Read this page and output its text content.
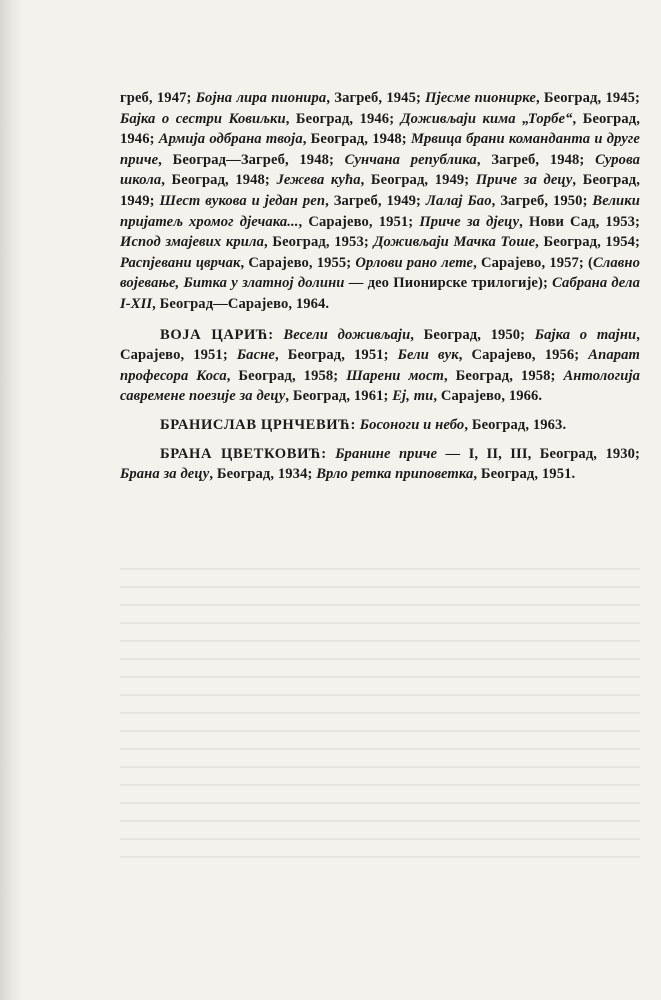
греб, 1947; Бојна лира пионира, Загреб, 1945; Пјесме пионирке, Београд, 1945; Бајка о сестри Ковиљки, Београд, 1946; Доживљаји кима „Торбе“, Београд, 1946; Армија одбрана твоја, Београд, 1948; Мрвица брани команданта и друге приче, Београд—Загреб, 1948; Сунчана република, Загреб, 1948; Сурова школа, Београд, 1948; Јежева кућа, Београд, 1949; Приче за децу, Београд, 1949; Шест вукова и један реп, Загреб, 1949; Лалај Бао, Загреб, 1950; Велики пријатељ хромог дјечака..., Сарајево, 1951; Приче за дјецу, Нови Сад, 1953; Испод змајевих крила, Београд, 1953; Доживљаји Мачка Тоше, Београд, 1954; Распјевани цврчак, Сарајево, 1955; Орлови рано лете, Сарајево, 1957; (Славно војевање, Битка у златној долини — део Пионирске трилогије); Сабрана дела I-XII, Београд—Сарајево, 1964.

ВОЈА ЦАРИЋ: Весели доживљаји, Београд, 1950; Бајка о тајни, Сарајево, 1951; Басне, Београд, 1951; Бели вук, Сарајево, 1956; Апарат професора Коса, Београд, 1958; Шарени мост, Београд, 1958; Антологија савремене поезије за децу, Београд, 1961; Еј, ти, Сарајево, 1966.

БРАНИСЛАВ ЦРНЧЕВИЋ: Босоноги и небо, Београд, 1963.

БРАНА ЦВЕТКОВИЋ: Бранине приче — I, II, III, Београд, 1930; Брана за децу, Београд, 1934; Врло ретка приповетка, Београд, 1951.
